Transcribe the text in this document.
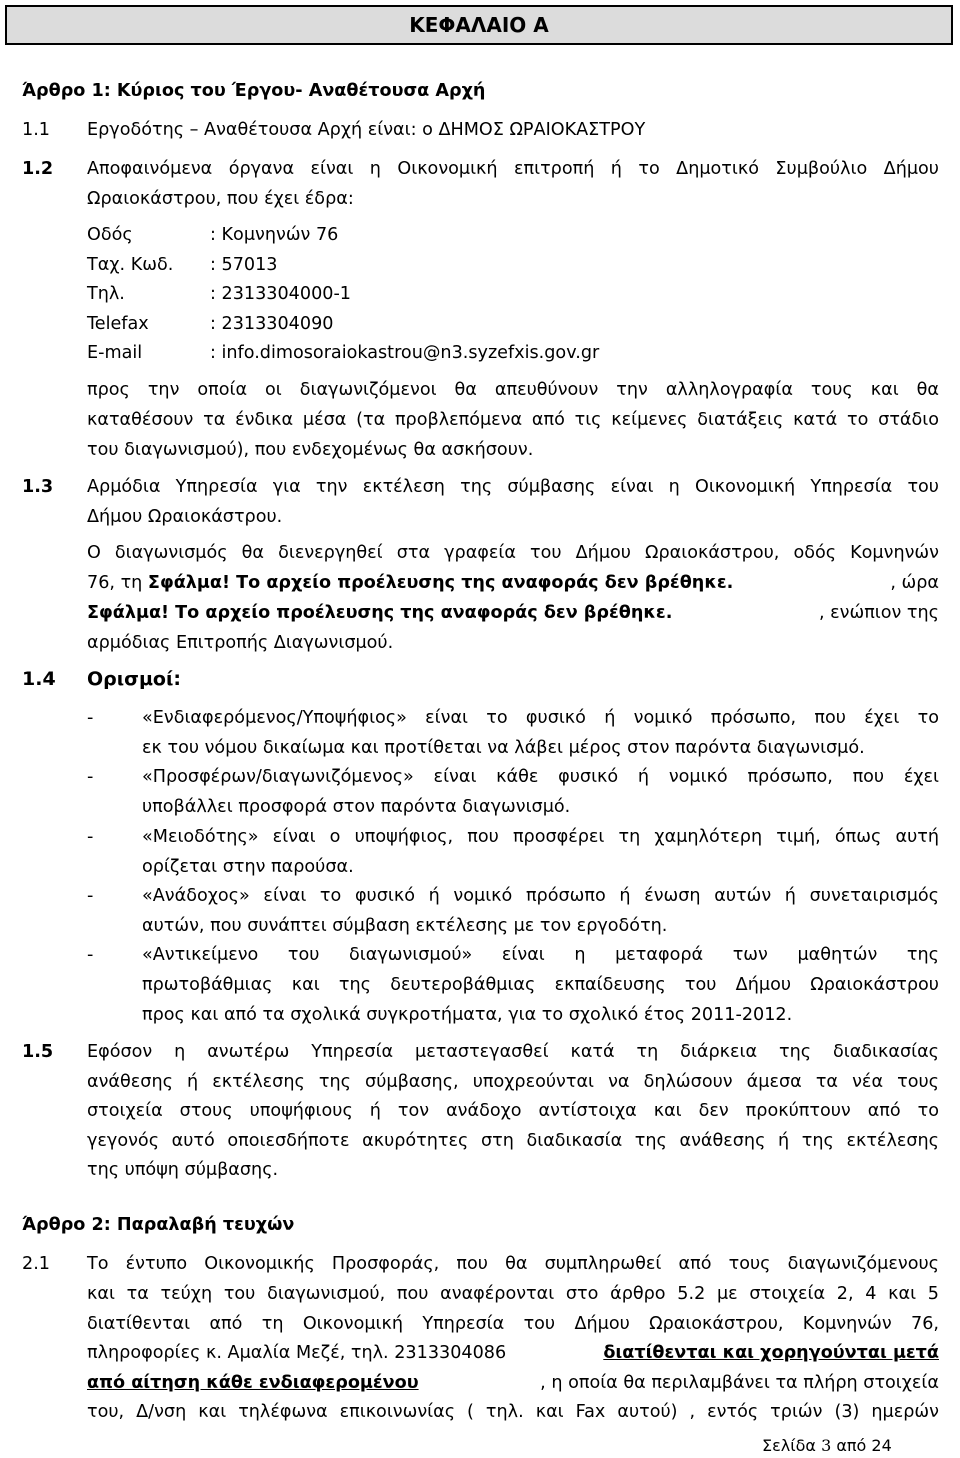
ΚΕΦΑΛΑΙΟ Α
Άρθρο 1: Κύριος του Έργου- Αναθέτουσα Αρχή
1.1 Εργοδότης – Αναθέτουσα Αρχή είναι: ο ΔΗΜΟΣ ΩΡΑΙΟΚΑΣΤΡΟΥ
1.2 Αποφαινόμενα όργανα είναι η Οικονομική επιτροπή ή το Δημοτικό Συμβούλιο Δήμου
Ωραιοκάστρου, που έχει έδρα:
Οδός	: Κομνηνών 76
Ταχ. Κωδ. : 57013
Τηλ.	: 2313304000-1
Telefax	: 2313304090
E-mail	: info.dimosoraiokastrou@n3.syzefxis.gov.gr
προς την οποία οι διαγωνιζόμενοι θα απευθύνουν την αλληλογραφία τους και θα
καταθέσουν τα ένδικα μέσα (τα προβλεπόμενα από τις κείμενες διατάξεις κατά το στάδιο
του διαγωνισμού), που ενδεχομένως θα ασκήσουν.
1.3 Αρμόδια Υπηρεσία για την εκτέλεση της σύμβασης είναι η Οικονομική Υπηρεσία του
Δήμου Ωραιοκάστρου.
Ο διαγωνισμός θα διενεργηθεί στα γραφεία του Δήμου Ωραιοκάστρου, οδός Κομνηνών
76, τη Σφάλμα! Το αρχείο προέλευσης της αναφοράς δεν βρέθηκε.	, ώρα
Σφάλμα! Το αρχείο προέλευσης της αναφοράς δεν βρέθηκε.	, ενώπιον της
αρμόδιας Επιτροπής Διαγωνισμού.
1.4 Ορισμοί:
-	«Ενδιαφερόμενος/Υποψήφιος» είναι το φυσικό ή νομικό πρόσωπο, που έχει το
εκ του νόμου δικαίωμα και προτίθεται να λάβει μέρος στον παρόντα διαγωνισμό.
-	«Προσφέρων/διαγωνιζόμενος» είναι κάθε φυσικό ή νομικό πρόσωπο, που έχει
υποβάλλει προσφορά στον παρόντα διαγωνισμό.
-	«Μειοδότης» είναι ο υποψήφιος, που προσφέρει τη χαμηλότερη τιμή, όπως αυτή
ορίζεται στην παρούσα.
-	«Ανάδοχος» είναι το φυσικό ή νομικό πρόσωπο ή ένωση αυτών ή συνεταιρισμός
αυτών, που συνάπτει σύμβαση εκτέλεσης με τον εργοδότη.
-	«Αντικείμενο του διαγωνισμού» είναι η μεταφορά των μαθητών της
πρωτοβάθμιας και της δευτεροβάθμιας εκπαίδευσης του Δήμου Ωραιοκάστρου
προς και από τα σχολικά συγκροτήματα, για το σχολικό έτος 2011-2012.
1.5 Εφόσον η ανωτέρω Υπηρεσία μεταστεγασθεί κατά τη διάρκεια της διαδικασίας
ανάθεσης ή εκτέλεσης της σύμβασης, υποχρεούνται να δηλώσουν άμεσα τα νέα τους
στοιχεία στους υποψήφιους ή τον ανάδοχο αντίστοιχα και δεν προκύπτουν από το
γεγονός αυτό οποιεσδήποτε ακυρότητες στη διαδικασία της ανάθεσης ή της εκτέλεσης
της υπόψη σύμβασης.
Άρθρο 2: Παραλαβή τευχών
2.1 Το έντυπο Οικονομικής Προσφοράς, που θα συμπληρωθεί από τους διαγωνιζόμενους
και τα τεύχη του διαγωνισμού, που αναφέρονται στο άρθρο 5.2 με στοιχεία 2, 4 και 5
διατίθενται από τη Οικονομική Υπηρεσία του Δήμου Ωραιοκάστρου, Κομνηνών 76,
πληροφορίες κ. Αμαλία Μεζέ, τηλ. 2313304086	διατίθενται και χορηγούνται μετά
από αίτηση κάθε ενδιαφερομένου	, η οποία θα περιλαμβάνει τα πλήρη στοιχεία
του, Δ/νση και τηλέφωνα επικοινωνίας ( τηλ. και Fax αυτού) , εντός τριών (3) ημερών
Σελίδα 3 από 24
